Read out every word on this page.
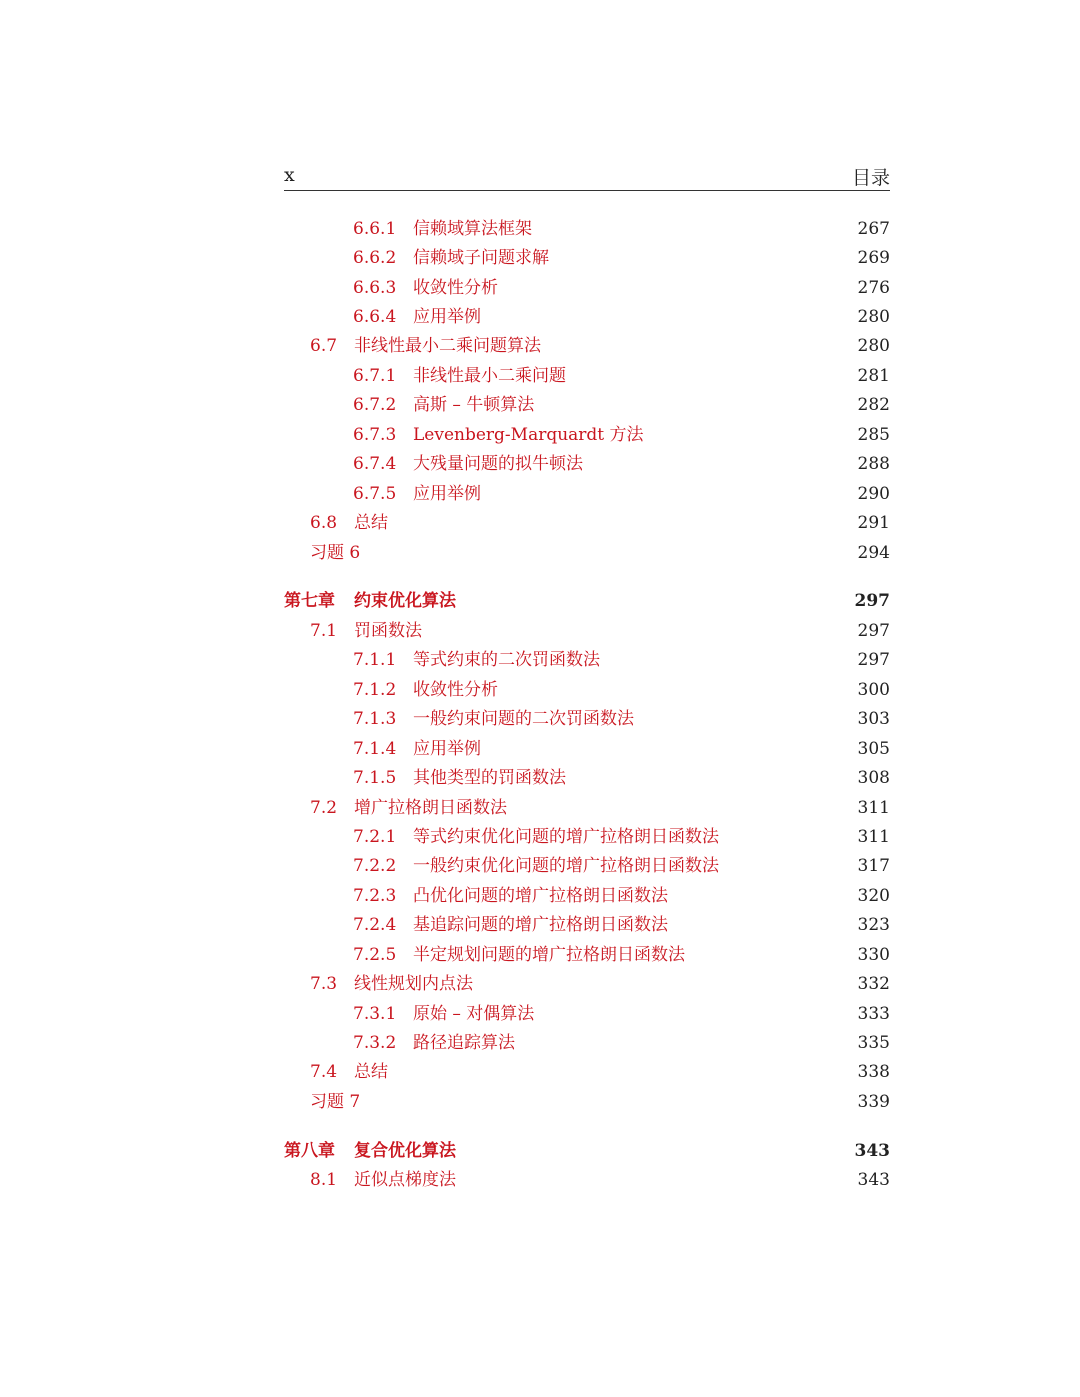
x	目录
6.6.1 信赖域算法框架	267
6.6.2 信赖域子问题求解	269
6.6.3 收敛性分析	276
6.6.4 应用举例	280
6.7 非线性最小二乘问题算法	280
6.7.1 非线性最小二乘问题	281
6.7.2 高斯 – 牛顿算法	282
6.7.3 Levenberg-Marquardt 方法	285
6.7.4 大残量问题的拟牛顿法	288
6.7.5 应用举例	290
6.8 总结	291
习题 6	294
第七章	约束优化算法	297
7.1 罚函数法	297
7.1.1 等式约束的二次罚函数法	297
7.1.2 收敛性分析	300
7.1.3 一般约束问题的二次罚函数法	303
7.1.4 应用举例	305
7.1.5 其他类型的罚函数法	308
7.2 增广拉格朗日函数法	311
7.2.1 等式约束优化问题的增广拉格朗日函数法	311
7.2.2 一般约束优化问题的增广拉格朗日函数法	317
7.2.3 凸优化问题的增广拉格朗日函数法	320
7.2.4 基追踪问题的增广拉格朗日函数法	323
7.2.5 半定规划问题的增广拉格朗日函数法	330
7.3 线性规划内点法	332
7.3.1 原始 – 对偶算法	333
7.3.2 路径追踪算法	335
7.4 总结	338
习题 7	339
第八章	复合优化算法	343
8.1 近似点梯度法	343
